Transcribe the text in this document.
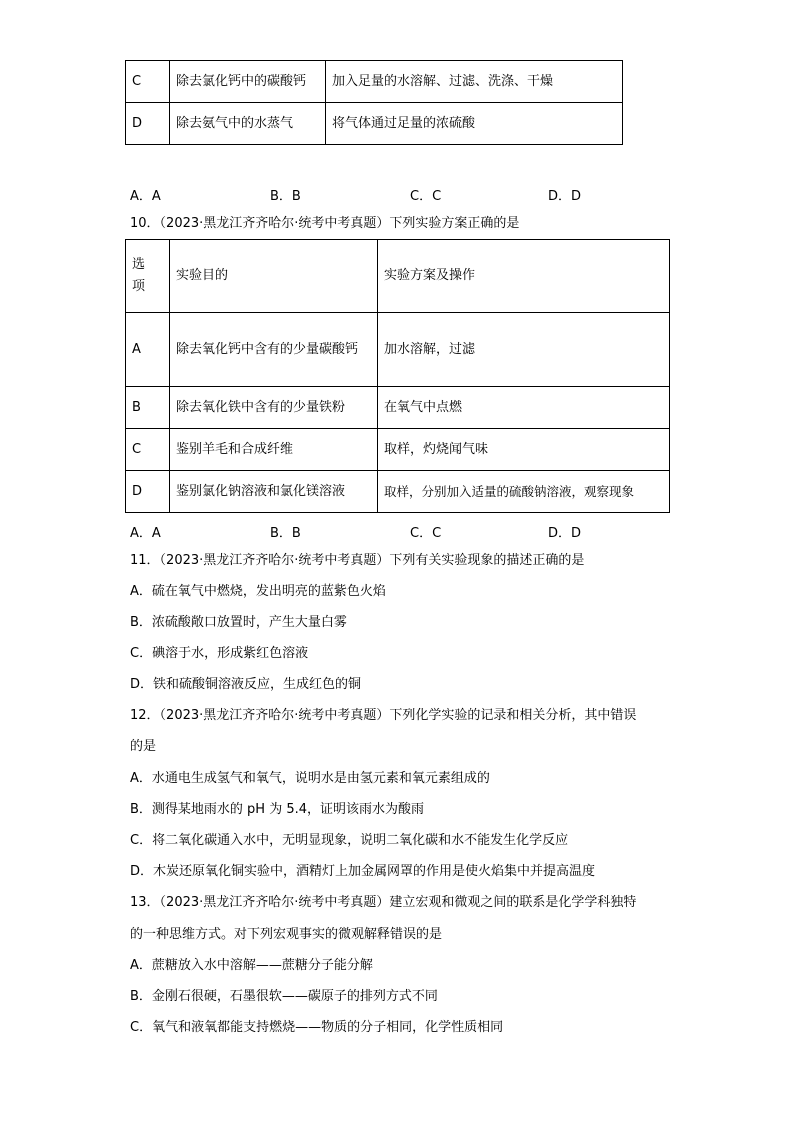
C	除去氯化钙中的碳酸钙	加入足量的水溶解、过滤、洗涤、干燥
D	除去氨气中的水蒸气	将气体通过足量的浓硫酸
A．A	B．B	C．C	D．D
10．（2023·黑龙江齐齐哈尔·统考中考真题）下列实验方案正确的是
选项	实验目的	实验方案及操作
A	除去氧化钙中含有的少量碳酸钙	加水溶解，过滤
B	除去氧化铁中含有的少量铁粉	在氧气中点燃
C	鉴别羊毛和合成纤维	取样，灼烧闻气味
D	鉴别氯化钠溶液和氯化镁溶液	取样，分别加入适量的硫酸钠溶液，观察现象
A．A	B．B	C．C	D．D
11．（2023·黑龙江齐齐哈尔·统考中考真题）下列有关实验现象的描述正确的是
A．硫在氧气中燃烧，发出明亮的蓝紫色火焰
B．浓硫酸敞口放置时，产生大量白雾
C．碘溶于水，形成紫红色溶液
D．铁和硫酸铜溶液反应，生成红色的铜
12．（2023·黑龙江齐齐哈尔·统考中考真题）下列化学实验的记录和相关分析，其中错误
的是
A．水通电生成氢气和氧气，说明水是由氢元素和氧元素组成的
B．测得某地雨水的 pH 为 5.4，证明该雨水为酸雨
C．将二氧化碳通入水中，无明显现象，说明二氧化碳和水不能发生化学反应
D．木炭还原氧化铜实验中，酒精灯上加金属网罩的作用是使火焰集中并提高温度
13．（2023·黑龙江齐齐哈尔·统考中考真题）建立宏观和微观之间的联系是化学学科独特
的一种思维方式。对下列宏观事实的微观解释错误的是
A．蔗糖放入水中溶解——蔗糖分子能分解
B．金刚石很硬，石墨很软——碳原子的排列方式不同
C．氧气和液氧都能支持燃烧——物质的分子相同，化学性质相同
